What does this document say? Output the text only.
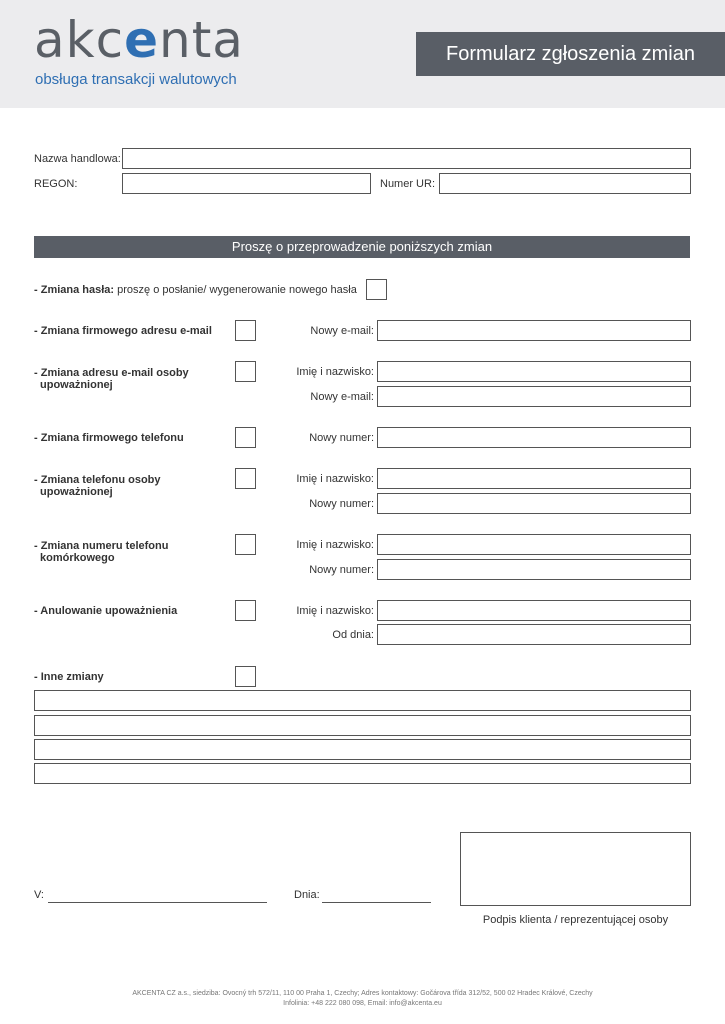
akcenta
obsługa transakcji walutowych
Formularz zgłoszenia zmian
Nazwa handlowa:
REGON:	Numer UR:
Proszę o przeprowadzenie poniższych zmian
- Zmiana hasła: proszę o posłanie/ wygenerowanie nowego hasła
- Zmiana firmowego adresu e-mail	Nowy e-mail:
- Zmiana adresu e-mail osoby
upoważnionej
Imię i nazwisko:
Nowy e-mail:
- Zmiana firmowego telefonu	Nowy numer:
- Zmiana telefonu osoby
upoważnionej
Imię i nazwisko:
Nowy numer:
- Zmiana numeru telefonu
komórkowego
Imię i nazwisko:
Nowy numer:
- Anulowanie upoważnienia	Imię i nazwisko:
Od dnia:
- Inne zmiany
V:	Dnia:
Podpis klienta / reprezentującej osoby
AKCENTA CZ a.s., siedziba: Ovocný trh 572/11, 110 00 Praha 1, Czechy; Adres kontaktowy: Gočárova třída 312/52, 500 02 Hradec Králové, Czechy
Infolinia: +48 222 080 098, Email: info@akcenta.eu
